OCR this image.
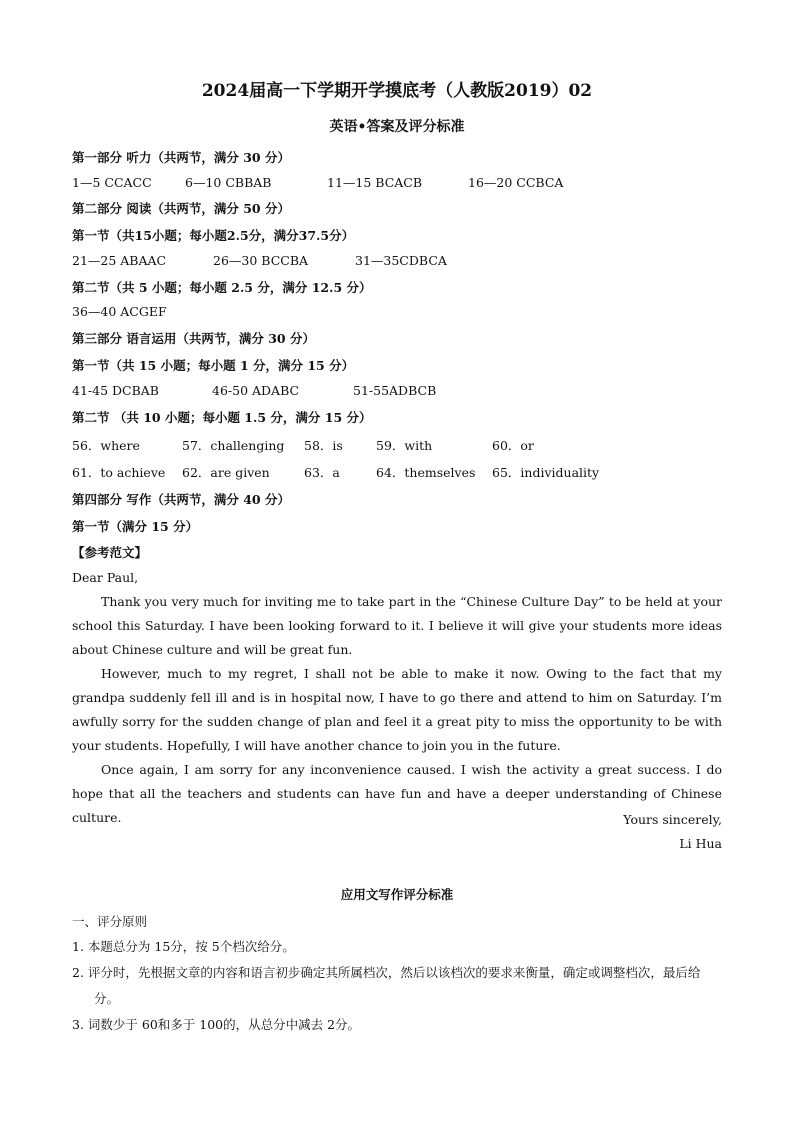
2024届高一下学期开学摸底考（人教版2019）02
英语•答案及评分标准
第一部分 听力（共两节，满分 30 分）
1—5 CCACC	6—10 CBBAB	11—15 BCACB	16—20 CCBCA
第二部分 阅读（共两节，满分 50 分）
第一节（共15小题；每小题2.5分，满分37.5分）
21—25 ABAAC	26—30 BCCBA	31—35CDBCA
第二节（共 5 小题；每小题 2.5 分，满分 12.5 分）
36—40 ACGEF
第三部分 语言运用（共两节，满分 30 分）
第一节（共 15 小题；每小题 1 分，满分 15 分）
41-45 DCBAB	46-50 ADABC	51-55ADBCB
第二节 （共 10 小题；每小题 1.5 分，满分 15 分）
56．where	57．challenging 58．is	59．with	60．or
61．to achieve 62．are given	63．a	64．themselves 65．individuality
第四部分 写作（共两节，满分 40 分）
第一节（满分 15 分）
【参考范文】
Dear Paul,

Thank you very much for inviting me to take part in the “Chinese Culture Day” to be held at your school this Saturday. I have been looking forward to it. I believe it will give your students more ideas about Chinese culture and will be great fun.

However, much to my regret, I shall not be able to make it now. Owing to the fact that my grandpa suddenly fell ill and is in hospital now, I have to go there and attend to him on Saturday. I’m awfully sorry for the sudden change of plan and feel it a great pity to miss the opportunity to be with your students. Hopefully, I will have another chance to join you in the future.

Once again, I am sorry for any inconvenience caused. I wish the activity a great success. I do hope that all the teachers and students can have fun and have a deeper understanding of Chinese culture.	Yours sincerely,
Li Hua
应用文写作评分标准
一、评分原则
1. 本题总分为 15分，按 5个档次给分。
2. 评分时，先根据文章的内容和语言初步确定其所属档次，然后以该档次的要求来衡量，确定或调整档次，最后给分。
3. 词数少于 60和多于 100的，从总分中减去 2分。
